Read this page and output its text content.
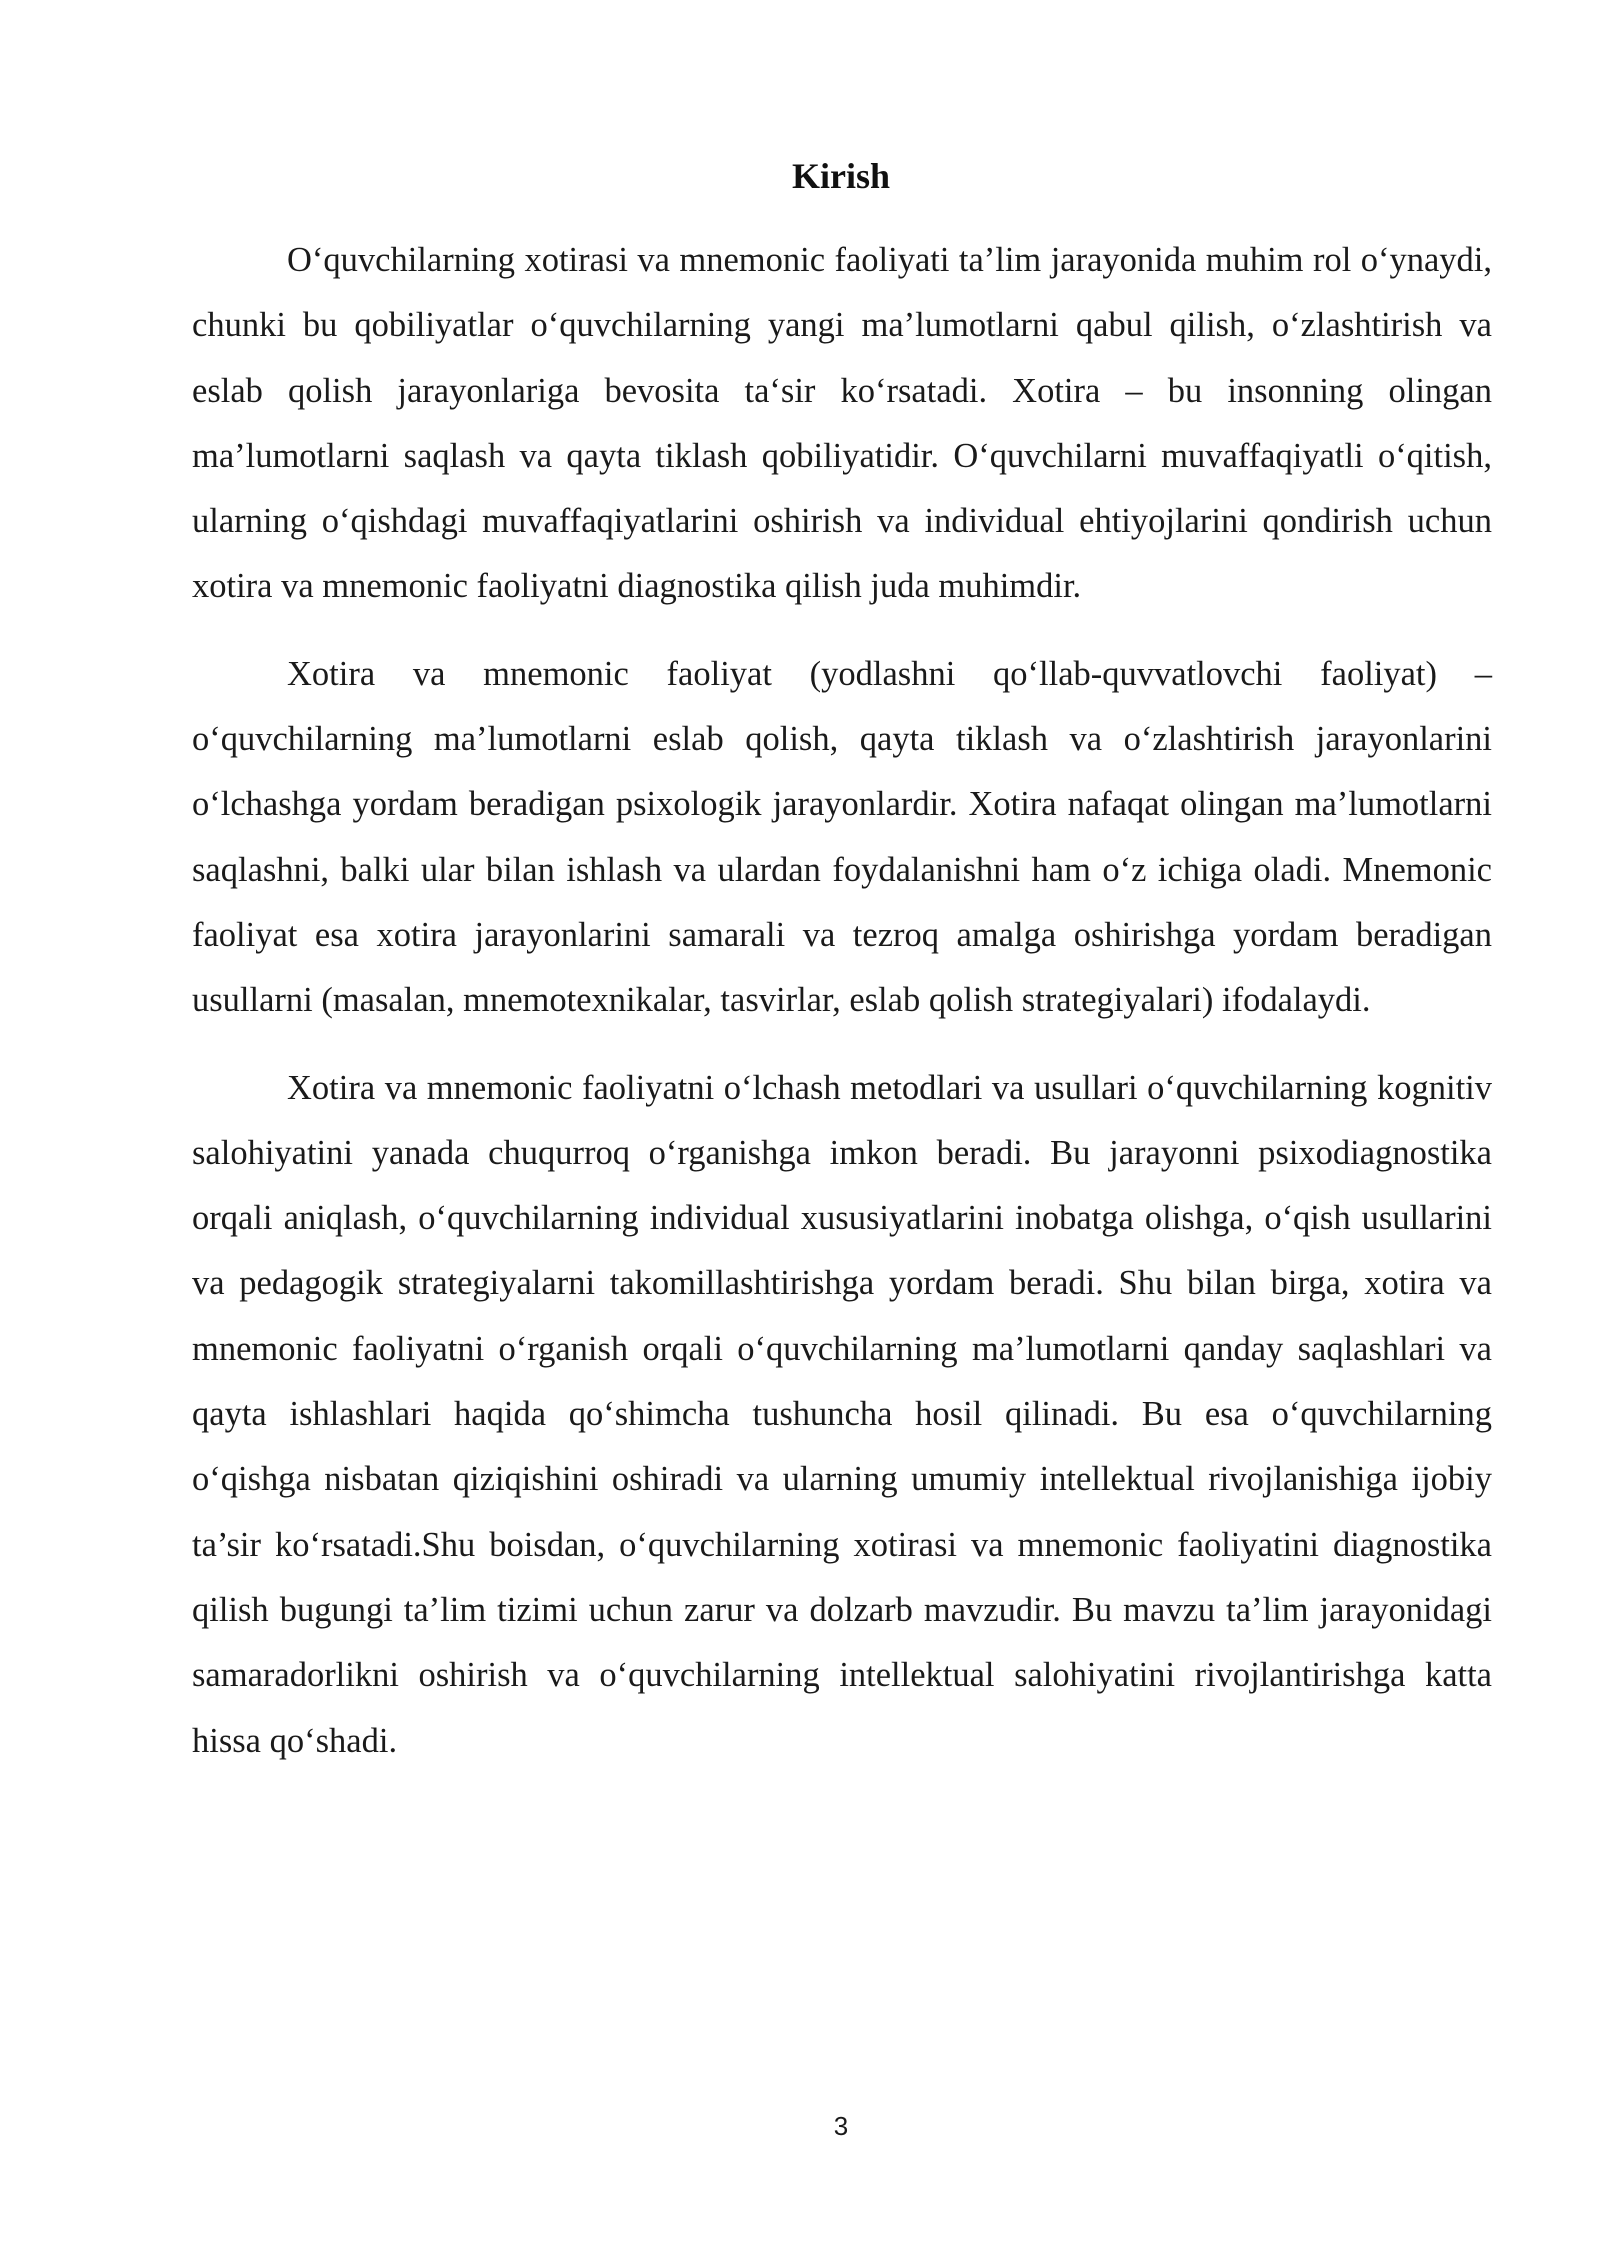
Kirish

O‘quvchilarning xotirasi va mnemonic faoliyati ta’lim jarayonida muhim rol o‘ynaydi, chunki bu qobiliyatlar o‘quvchilarning yangi ma’lumotlarni qabul qilish, o‘zlashtirish va eslab qolish jarayonlariga bevosita ta‘sir ko‘rsatadi. Xotira – bu insonning olingan ma’lumotlarni saqlash va qayta tiklash qobiliyatidir. O‘quvchilarni muvaffaqiyatli o‘qitish, ularning o‘qishdagi muvaffaqiyatlarini oshirish va individual ehtiyojlarini qondirish uchun xotira va mnemonic faoliyatni diagnostika qilish juda muhimdir.

Xotira va mnemonic faoliyat (yodlashni qo‘llab-quvvatlovchi faoliyat) – o‘quvchilarning ma’lumotlarni eslab qolish, qayta tiklash va o‘zlashtirish jarayonlarini o‘lchashga yordam beradigan psixologik jarayonlardir. Xotira nafaqat olingan ma’lumotlarni saqlashni, balki ular bilan ishlash va ulardan foydalanishni ham o‘z ichiga oladi. Mnemonic faoliyat esa xotira jarayonlarini samarali va tezroq amalga oshirishga yordam beradigan usullarni (masalan, mnemotexnikalar, tasvirlar, eslab qolish strategiyalari) ifodalaydi.

Xotira va mnemonic faoliyatni o‘lchash metodlari va usullari o‘quvchilarning kognitiv salohiyatini yanada chuqurroq o‘rganishga imkon beradi. Bu jarayonni psixodiagnostika orqali aniqlash, o‘quvchilarning individual xususiyatlarini inobatga olishga, o‘qish usullarini va pedagogik strategiyalarni takomillashtirishga yordam beradi. Shu bilan birga, xotira va mnemonic faoliyatni o‘rganish orqali o‘quvchilarning ma’lumotlarni qanday saqlashlari va qayta ishlashlari haqida qo‘shimcha tushuncha hosil qilinadi. Bu esa o‘quvchilarning o‘qishga nisbatan qiziqishini oshiradi va ularning umumiy intellektual rivojlanishiga ijobiy ta’sir ko‘rsatadi.Shu boisdan, o‘quvchilarning xotirasi va mnemonic faoliyatini diagnostika qilish bugungi ta’lim tizimi uchun zarur va dolzarb mavzudir. Bu mavzu ta’lim jarayonidagi samaradorlikni oshirish va o‘quvchilarning intellektual salohiyatini rivojlantirishga katta hissa qo‘shadi.

3
